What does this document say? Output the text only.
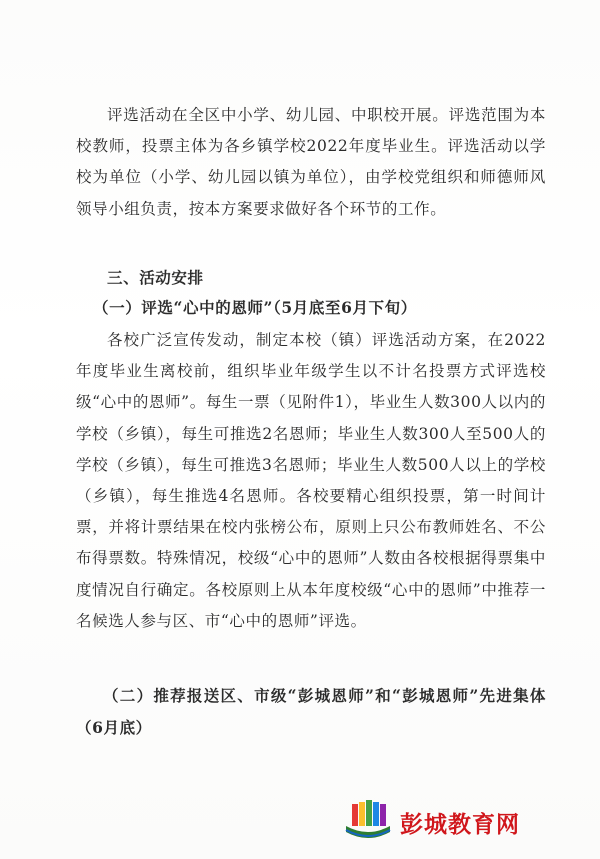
评选活动在全区中小学、幼儿园、中职校开展。评选范围为本校教师，投票主体为各乡镇学校2022年度毕业生。评选活动以学校为单位（小学、幼儿园以镇为单位），由学校党组织和师德师风领导小组负责，按本方案要求做好各个环节的工作。

三、活动安排

（一）评选“心中的恩师”（5月底至6月下旬）

各校广泛宣传发动，制定本校（镇）评选活动方案，在2022年度毕业生离校前，组织毕业年级学生以不计名投票方式评选校级“心中的恩师”。每生一票（见附件1），毕业生人数300人以内的学校（乡镇），每生可推选2名恩师；毕业生人数300人至500人的学校（乡镇），每生可推选3名恩师；毕业生人数500人以上的学校（乡镇），每生推选4名恩师。各校要精心组织投票，第一时间计票，并将计票结果在校内张榜公布，原则上只公布教师姓名、不公布得票数。特殊情况，校级“心中的恩师”人数由各校根据得票集中度情况自行确定。各校原则上从本年度校级“心中的恩师”中推荐一名候选人参与区、市“心中的恩师”评选。

（二）推荐报送区、市级“彭城恩师”和“彭城恩师”先进集体（6月底）

彭城教育网
